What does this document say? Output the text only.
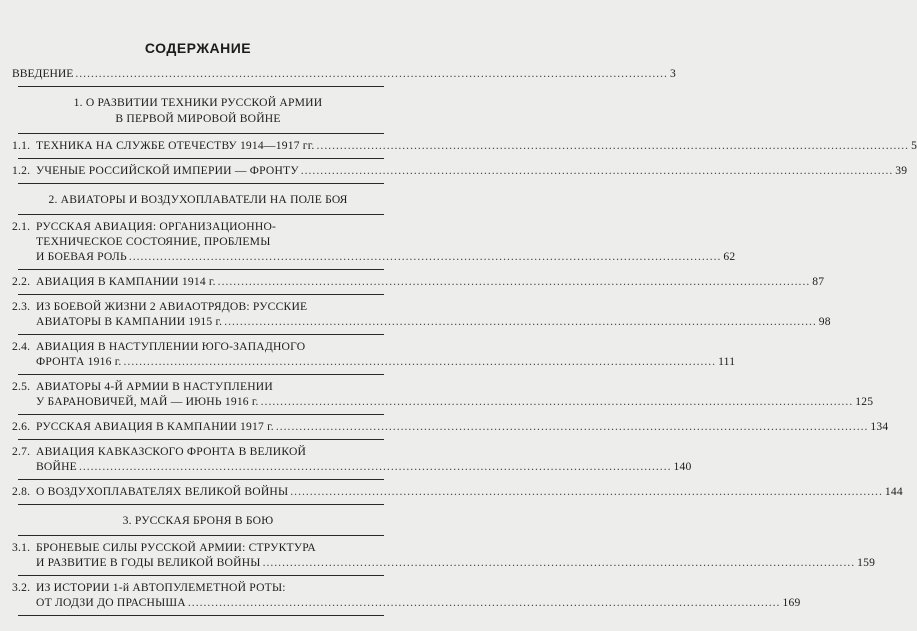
СОДЕРЖАНИЕ
ВВЕДЕНИЕ .....	3
1. О РАЗВИТИИ ТЕХНИКИ РУССКОЙ АРМИИ
В ПЕРВОЙ МИРОВОЙ ВОЙНЕ
1.1. ТЕХНИКА НА СЛУЖБЕ ОТЕЧЕСТВУ 1914—1917 гг. .....	5
1.2. УЧЕНЫЕ РОССИЙСКОЙ ИМПЕРИИ — ФРОНТУ .....	39
2. АВИАТОРЫ И ВОЗДУХОПЛАВАТЕЛИ НА ПОЛЕ БОЯ
2.1. РУССКАЯ АВИАЦИЯ: ОРГАНИЗАЦИОННО-
ТЕХНИЧЕСКОЕ СОСТОЯНИЕ, ПРОБЛЕМЫ
И БОЕВАЯ РОЛЬ .....	62
2.2. АВИАЦИЯ В КАМПАНИИ 1914 г. .....	87
2.3. ИЗ БОЕВОЙ ЖИЗНИ 2 АВИАОТРЯДОВ: РУССКИЕ
АВИАТОРЫ В КАМПАНИИ 1915 г. .....	98
2.4. АВИАЦИЯ В НАСТУПЛЕНИИ ЮГО-ЗАПАДНОГО
ФРОНТА 1916 г. .....	111
2.5. АВИАТОРЫ 4-Й АРМИИ В НАСТУПЛЕНИИ
У БАРАНОВИЧЕЙ, МАЙ — ИЮНЬ 1916 г. .....	125
2.6. РУССКАЯ АВИАЦИЯ В КАМПАНИИ 1917 г. .....	134
2.7. АВИАЦИЯ КАВКАЗСКОГО ФРОНТА В ВЕЛИКОЙ
ВОЙНЕ .....	140
2.8. О ВОЗДУХОПЛАВАТЕЛЯХ ВЕЛИКОЙ ВОЙНЫ .....	144
3. РУССКАЯ БРОНЯ В БОЮ
3.1. БРОНЕВЫЕ СИЛЫ РУССКОЙ АРМИИ: СТРУКТУРА
И РАЗВИТИЕ В ГОДЫ ВЕЛИКОЙ ВОЙНЫ .....	159
3.2. ИЗ ИСТОРИИ 1-й АВТОПУЛЕМЕТНОЙ РОТЫ:
ОТ ЛОДЗИ ДО ПРАСНЫША .....	169
